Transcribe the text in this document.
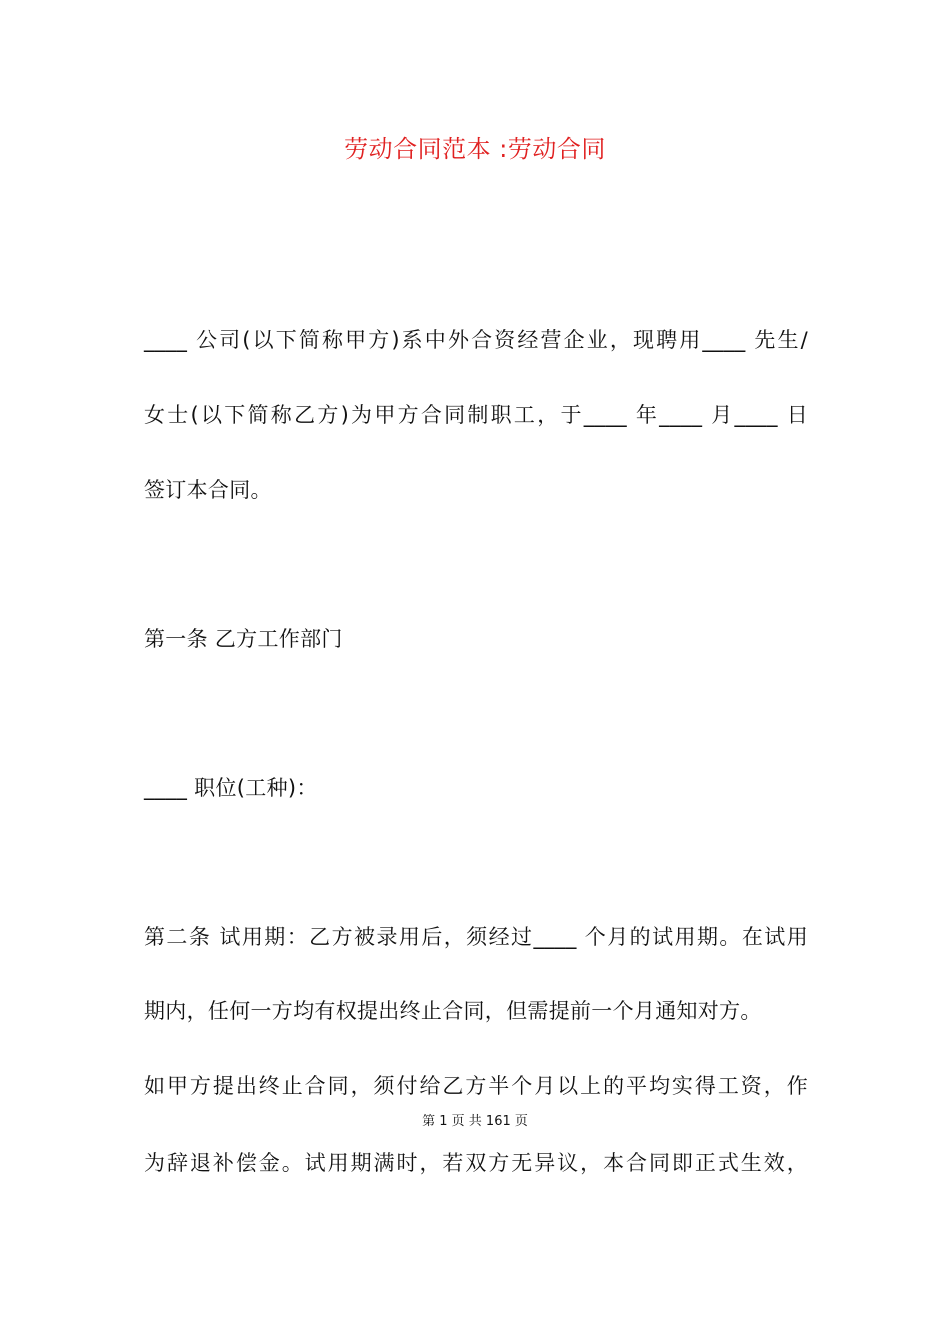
劳动合同范本 :劳动合同
____ 公司(以下简称甲方)系中外合资经营企业，现聘用____ 先生/
女士(以下简称乙方)为甲方合同制职工，于____ 年____ 月____ 日
签订本合同。
第一条 乙方工作部门
____ 职位(工种)：
第二条 试用期：乙方被录用后，须经过____ 个月的试用期。在试用
期内，任何一方均有权提出终止合同，但需提前一个月通知对方。
如甲方提出终止合同，须付给乙方半个月以上的平均实得工资，作
第 1 页 共 161 页
为辞退补偿金。试用期满时，若双方无异议，本合同即正式生效，
